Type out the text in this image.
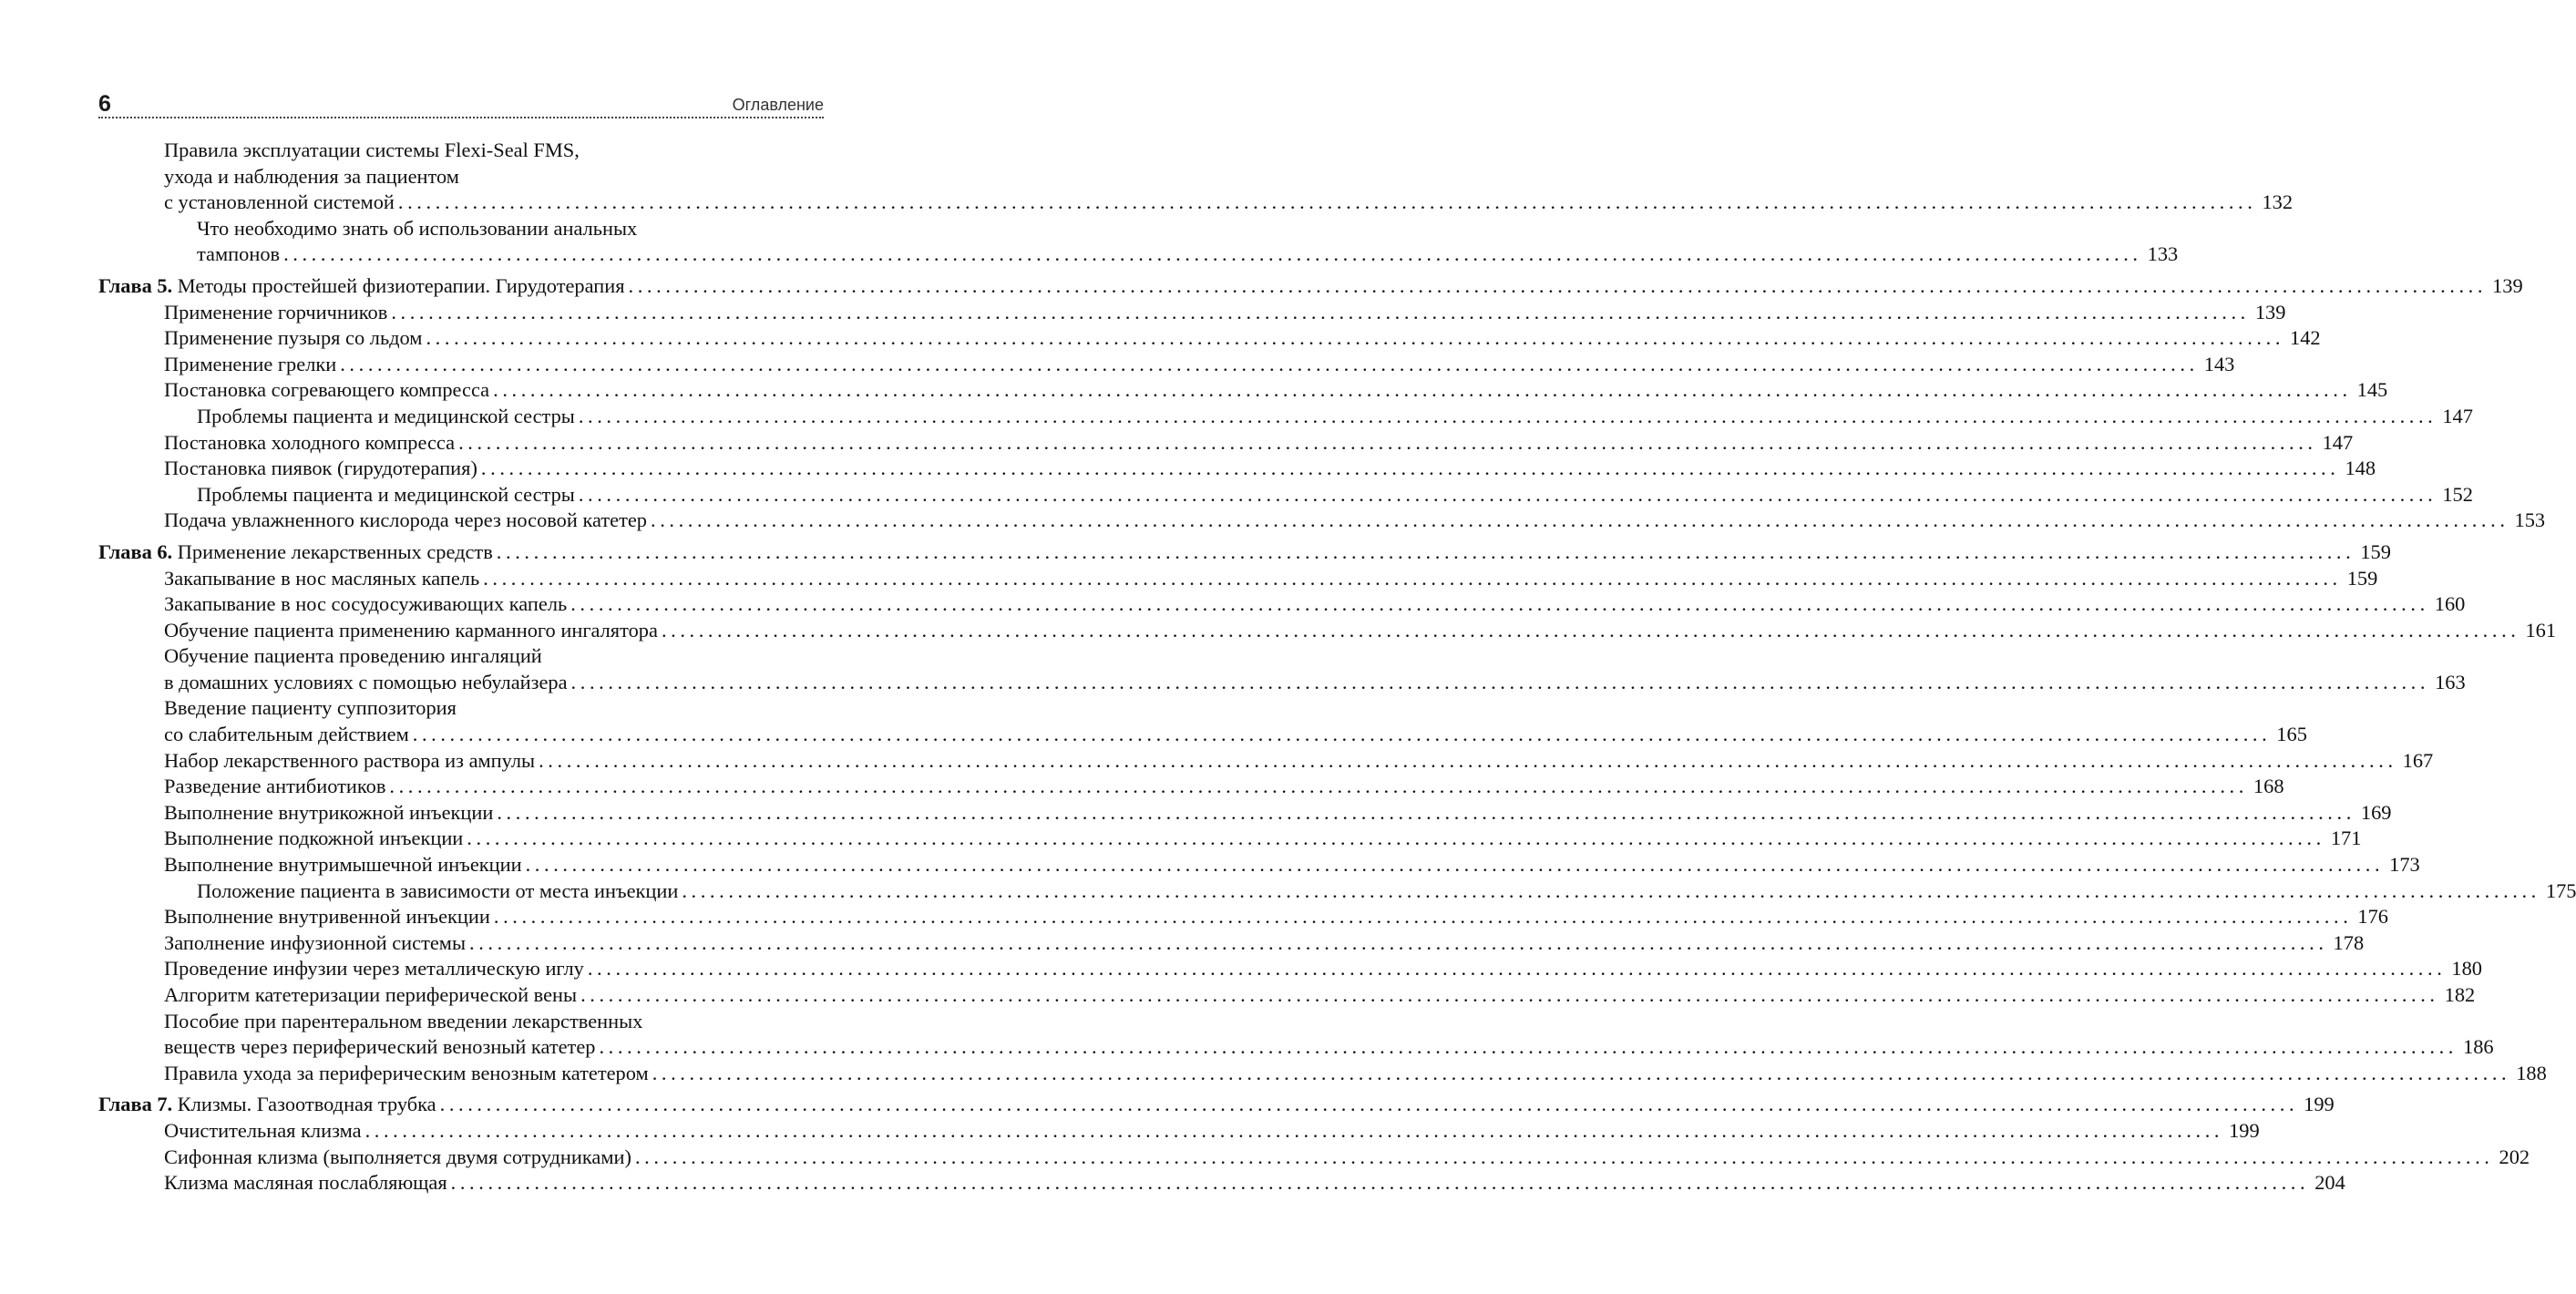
6	Оглавление
Правила эксплуатации системы Flexi-Seal FMS,
ухода и наблюдения за пациентом
с установленной системой ........................................................................................................................................................................................................ 132
Что необходимо знать об использовании анальных
тампонов ........................................................................................................................................................................................................ 133
Глава 5. Методы простейшей физиотерапии. Гирудотерапия ........................................................................................................................................................................................................ 139
Применение горчичников ........................................................................................................................................................................................................ 139
Применение пузыря со льдом ........................................................................................................................................................................................................ 142
Применение грелки ........................................................................................................................................................................................................ 143
Постановка согревающего компресса ........................................................................................................................................................................................................ 145
Проблемы пациента и медицинской сестры ........................................................................................................................................................................................................ 147
Постановка холодного компресса ........................................................................................................................................................................................................ 147
Постановка пиявок (гирудотерапия) ........................................................................................................................................................................................................ 148
Проблемы пациента и медицинской сестры ........................................................................................................................................................................................................ 152
Подача увлажненного кислорода через носовой катетер ........................................................................................................................................................................................................ 153
Глава 6. Применение лекарственных средств ........................................................................................................................................................................................................ 159
Закапывание в нос масляных капель ........................................................................................................................................................................................................ 159
Закапывание в нос сосудосуживающих капель ........................................................................................................................................................................................................ 160
Обучение пациента применению карманного ингалятора ........................................................................................................................................................................................................ 161
Обучение пациента проведению ингаляций
в домашних условиях с помощью небулайзера ........................................................................................................................................................................................................ 163
Введение пациенту суппозитория
со слабительным действием ........................................................................................................................................................................................................ 165
Набор лекарственного раствора из ампулы ........................................................................................................................................................................................................ 167
Разведение антибиотиков ........................................................................................................................................................................................................ 168
Выполнение внутрикожной инъекции ........................................................................................................................................................................................................ 169
Выполнение подкожной инъекции ........................................................................................................................................................................................................ 171
Выполнение внутримышечной инъекции ........................................................................................................................................................................................................ 173
Положение пациента в зависимости от места инъекции ........................................................................................................................................................................................................ 175
Выполнение внутривенной инъекции ........................................................................................................................................................................................................ 176
Заполнение инфузионной системы ........................................................................................................................................................................................................ 178
Проведение инфузии через металлическую иглу ........................................................................................................................................................................................................ 180
Алгоритм катетеризации периферической вены ........................................................................................................................................................................................................ 182
Пособие при парентеральном введении лекарственных
веществ через периферический венозный катетер ........................................................................................................................................................................................................ 186
Правила ухода за периферическим венозным катетером ........................................................................................................................................................................................................ 188
Глава 7. Клизмы. Газоотводная трубка ........................................................................................................................................................................................................ 199
Очистительная клизма ........................................................................................................................................................................................................ 199
Сифонная клизма (выполняется двумя сотрудниками) ........................................................................................................................................................................................................ 202
Клизма масляная послабляющая ........................................................................................................................................................................................................ 204
